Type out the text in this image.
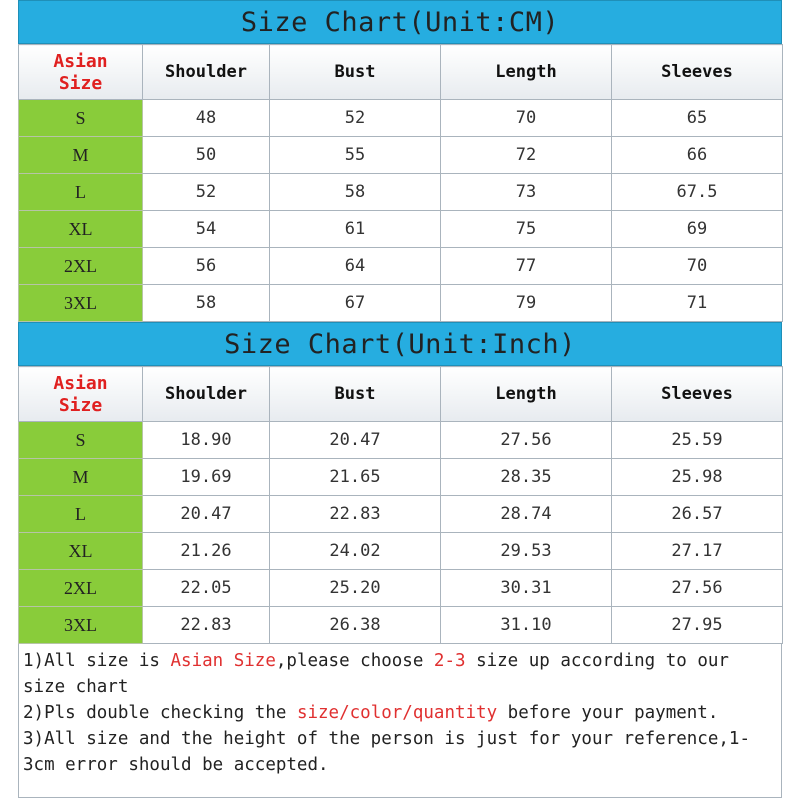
Size Chart(Unit:CM)
Asian
Size	Shoulder	Bust	Length	Sleeves
S	48	52	70	65
M	50	55	72	66
L	52	58	73	67.5
XL	54	61	75	69
2XL	56	64	77	70
3XL	58	67	79	71
Size Chart(Unit:Inch)
Asian
Size	Shoulder	Bust	Length	Sleeves
S	18.90	20.47	27.56	25.59
M	19.69	21.65	28.35	25.98
L	20.47	22.83	28.74	26.57
XL	21.26	24.02	29.53	27.17
2XL	22.05	25.20	30.31	27.56
3XL	22.83	26.38	31.10	27.95
1)All size is Asian Size,please choose 2-3 size up according to our size chart
2)Pls double checking the size/color/quantity before your payment.
3)All size and the height of the person is just for your reference,1-3cm error should be accepted.
